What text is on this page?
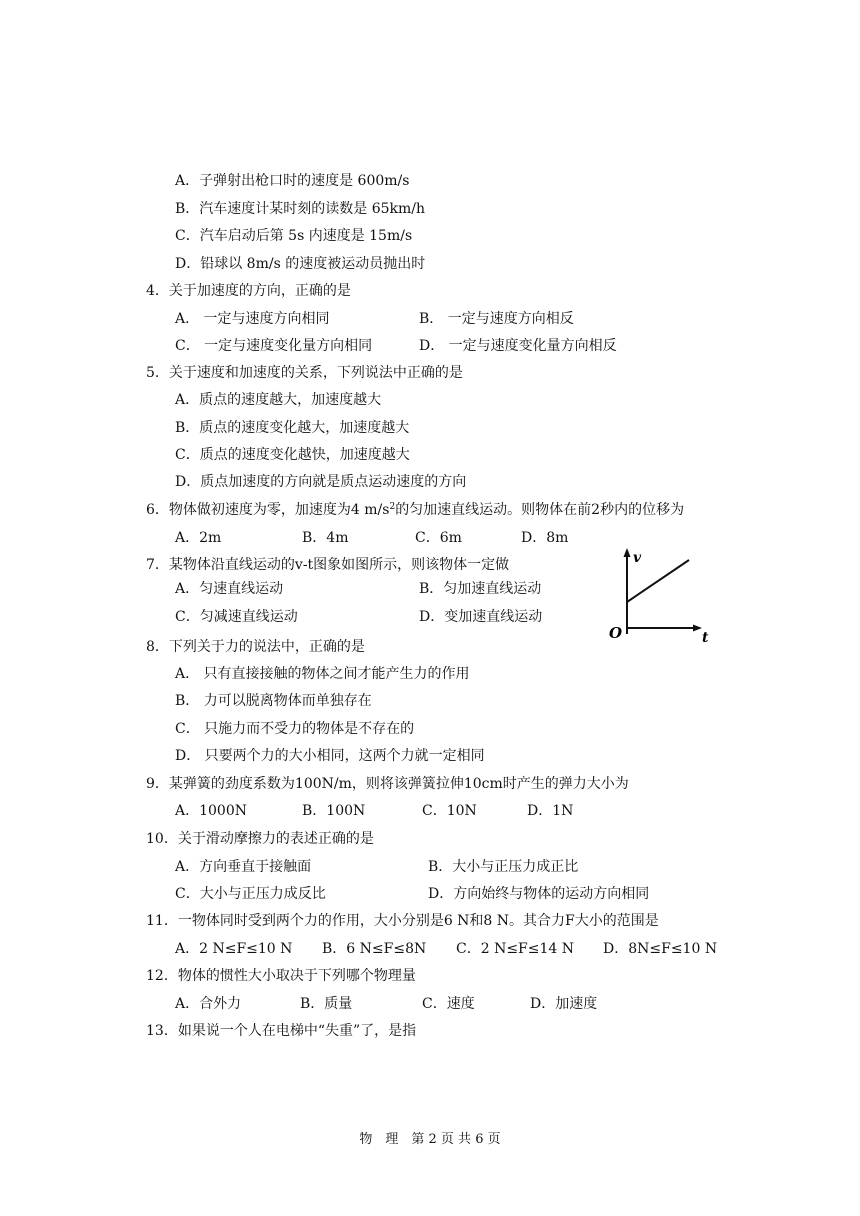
A．子弹射出枪口时的速度是 600m/s
B．汽车速度计某时刻的读数是 65km/h
C．汽车启动后第 5s 内速度是 15m/s
D．铅球以 8m/s 的速度被运动员抛出时
4．关于加速度的方向，正确的是
A． 一定与速度方向相同	B． 一定与速度方向相反
C． 一定与速度变化量方向相同	D． 一定与速度变化量方向相反
5．关于速度和加速度的关系，下列说法中正确的是
A．质点的速度越大，加速度越大
B．质点的速度变化越大，加速度越大
C．质点的速度变化越快，加速度越大
D．质点加速度的方向就是质点运动速度的方向
6．物体做初速度为零，加速度为4 $m/s^2$的匀加速直线运动。则物体在前2秒内的位移为
A．2m	B．4m	C．6m	D．8m
7．某物体沿直线运动的v-t图象如图所示，则该物体一定做
A．匀速直线运动	B．匀加速直线运动
C．匀减速直线运动	D．变加速直线运动
v
t
O
8．下列关于力的说法中，正确的是
A． 只有直接接触的物体之间才能产生力的作用
B． 力可以脱离物体而单独存在
C． 只施力而不受力的物体是不存在的
D． 只要两个力的大小相同，这两个力就一定相同
9．某弹簧的劲度系数为100N/m，则将该弹簧拉伸10cm时产生的弹力大小为
A．1000N	B．100N	C．10N	D．1N
10．关于滑动摩擦力的表述正确的是
A．方向垂直于接触面	B．大小与正压力成正比
C．大小与正压力成反比	D．方向始终与物体的运动方向相同
11．一物体同时受到两个力的作用，大小分别是6 N和8 N。其合力F大小的范围是
A．2 N≤F≤10 N B．6 N≤F≤8N C．2 N≤F≤14 N D．8N≤F≤10 N
12．物体的惯性大小取决于下列哪个物理量
A．合外力	B．质量	C．速度	D．加速度
13．如果说一个人在电梯中“失重”了，是指
物　理　第 2 页 共 6 页
